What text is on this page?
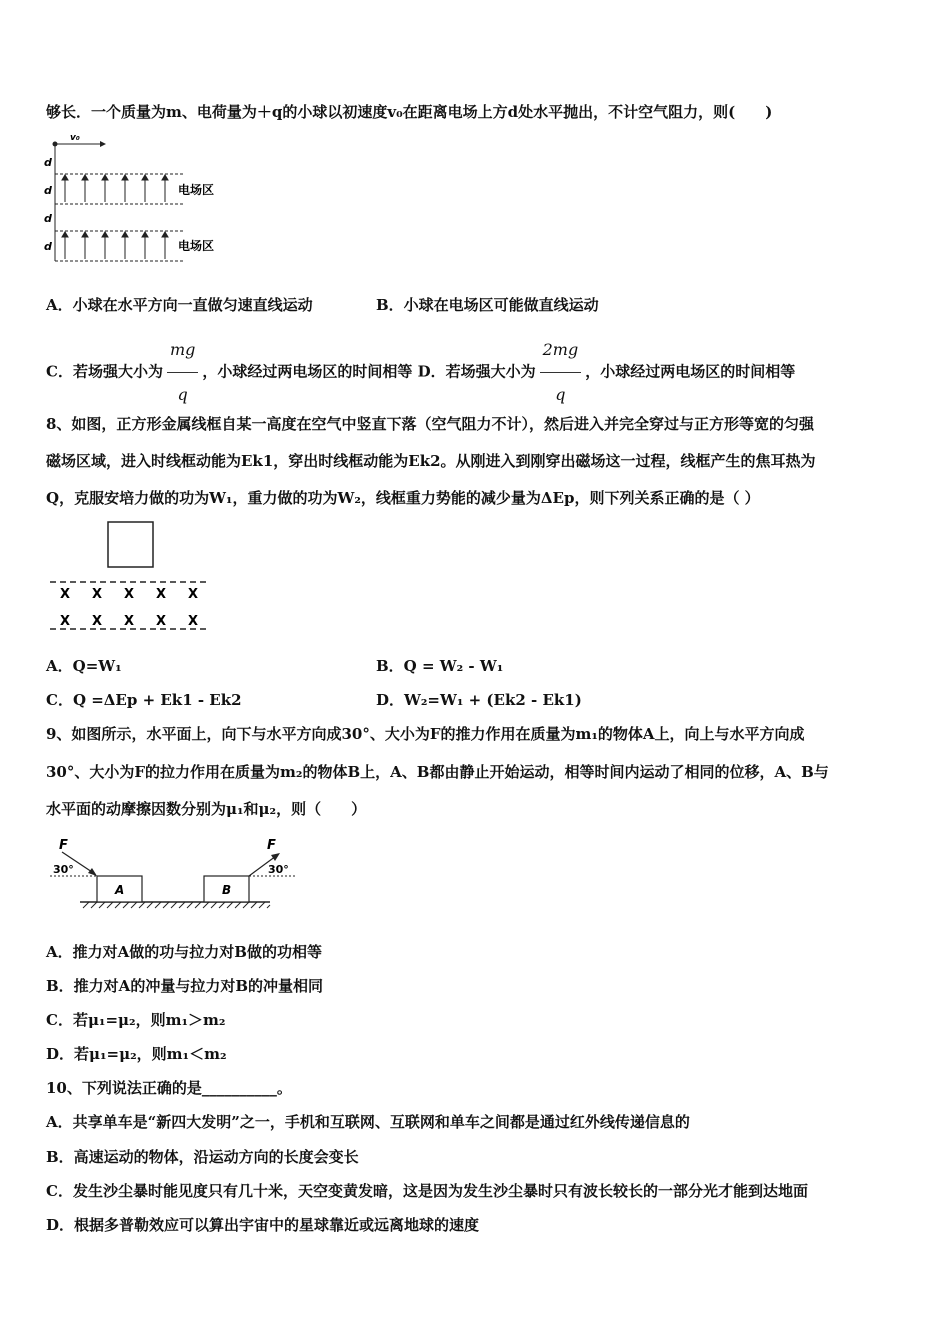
够长．一个质量为m、电荷量为＋q的小球以初速度v₀在距离电场上方d处水平抛出，不计空气阻力，则(　　)
v₀
d
d
d
d
电场区
电场区
A．小球在水平方向一直做匀速直线运动	B．小球在电场区可能做直线运动
C．若场强大小为 $\frac{mg}{q}$ ，小球经过两电场区的时间相等 D．若场强大小为 $\frac{2mg}{q}$ ，小球经过两电场区的时间相等
8、如图，正方形金属线框自某一高度在空气中竖直下落（空气阻力不计），然后进入并完全穿过与正方形等宽的匀强
磁场区域，进入时线框动能为Ek1，穿出时线框动能为Ek2。从刚进入到刚穿出磁场这一过程，线框产生的焦耳热为
Q，克服安培力做的功为W₁，重力做的功为W₂，线框重力势能的减少量为ΔEp，则下列关系正确的是（ ）
X X X X X
X X X X X
A．Q=W₁	B．Q = W₂ - W₁
C．Q =ΔEp + Ek1 - Ek2	D．W₂=W₁ + (Ek2 - Ek1)
9、如图所示，水平面上，向下与水平方向成30°、大小为F的推力作用在质量为m₁的物体A上，向上与水平方向成
30°、大小为F的拉力作用在质量为m₂的物体B上，A、B都由静止开始运动，相等时间内运动了相同的位移，A、B与
水平面的动摩擦因数分别为μ₁和μ₂，则（　　）
A
F
30°
B
F
30°
A．推力对A做的功与拉力对B做的功相等
B．推力对A的冲量与拉力对B的冲量相同
C．若μ₁=μ₂，则m₁＞m₂
D．若μ₁=μ₂，则m₁＜m₂
10、下列说法正确的是__________。
A．共享单车是“新四大发明”之一，手机和互联网、互联网和单车之间都是通过红外线传递信息的
B．高速运动的物体，沿运动方向的长度会变长
C．发生沙尘暴时能见度只有几十米，天空变黄发暗，这是因为发生沙尘暴时只有波长较长的一部分光才能到达地面
D．根据多普勒效应可以算出宇宙中的星球靠近或远离地球的速度
